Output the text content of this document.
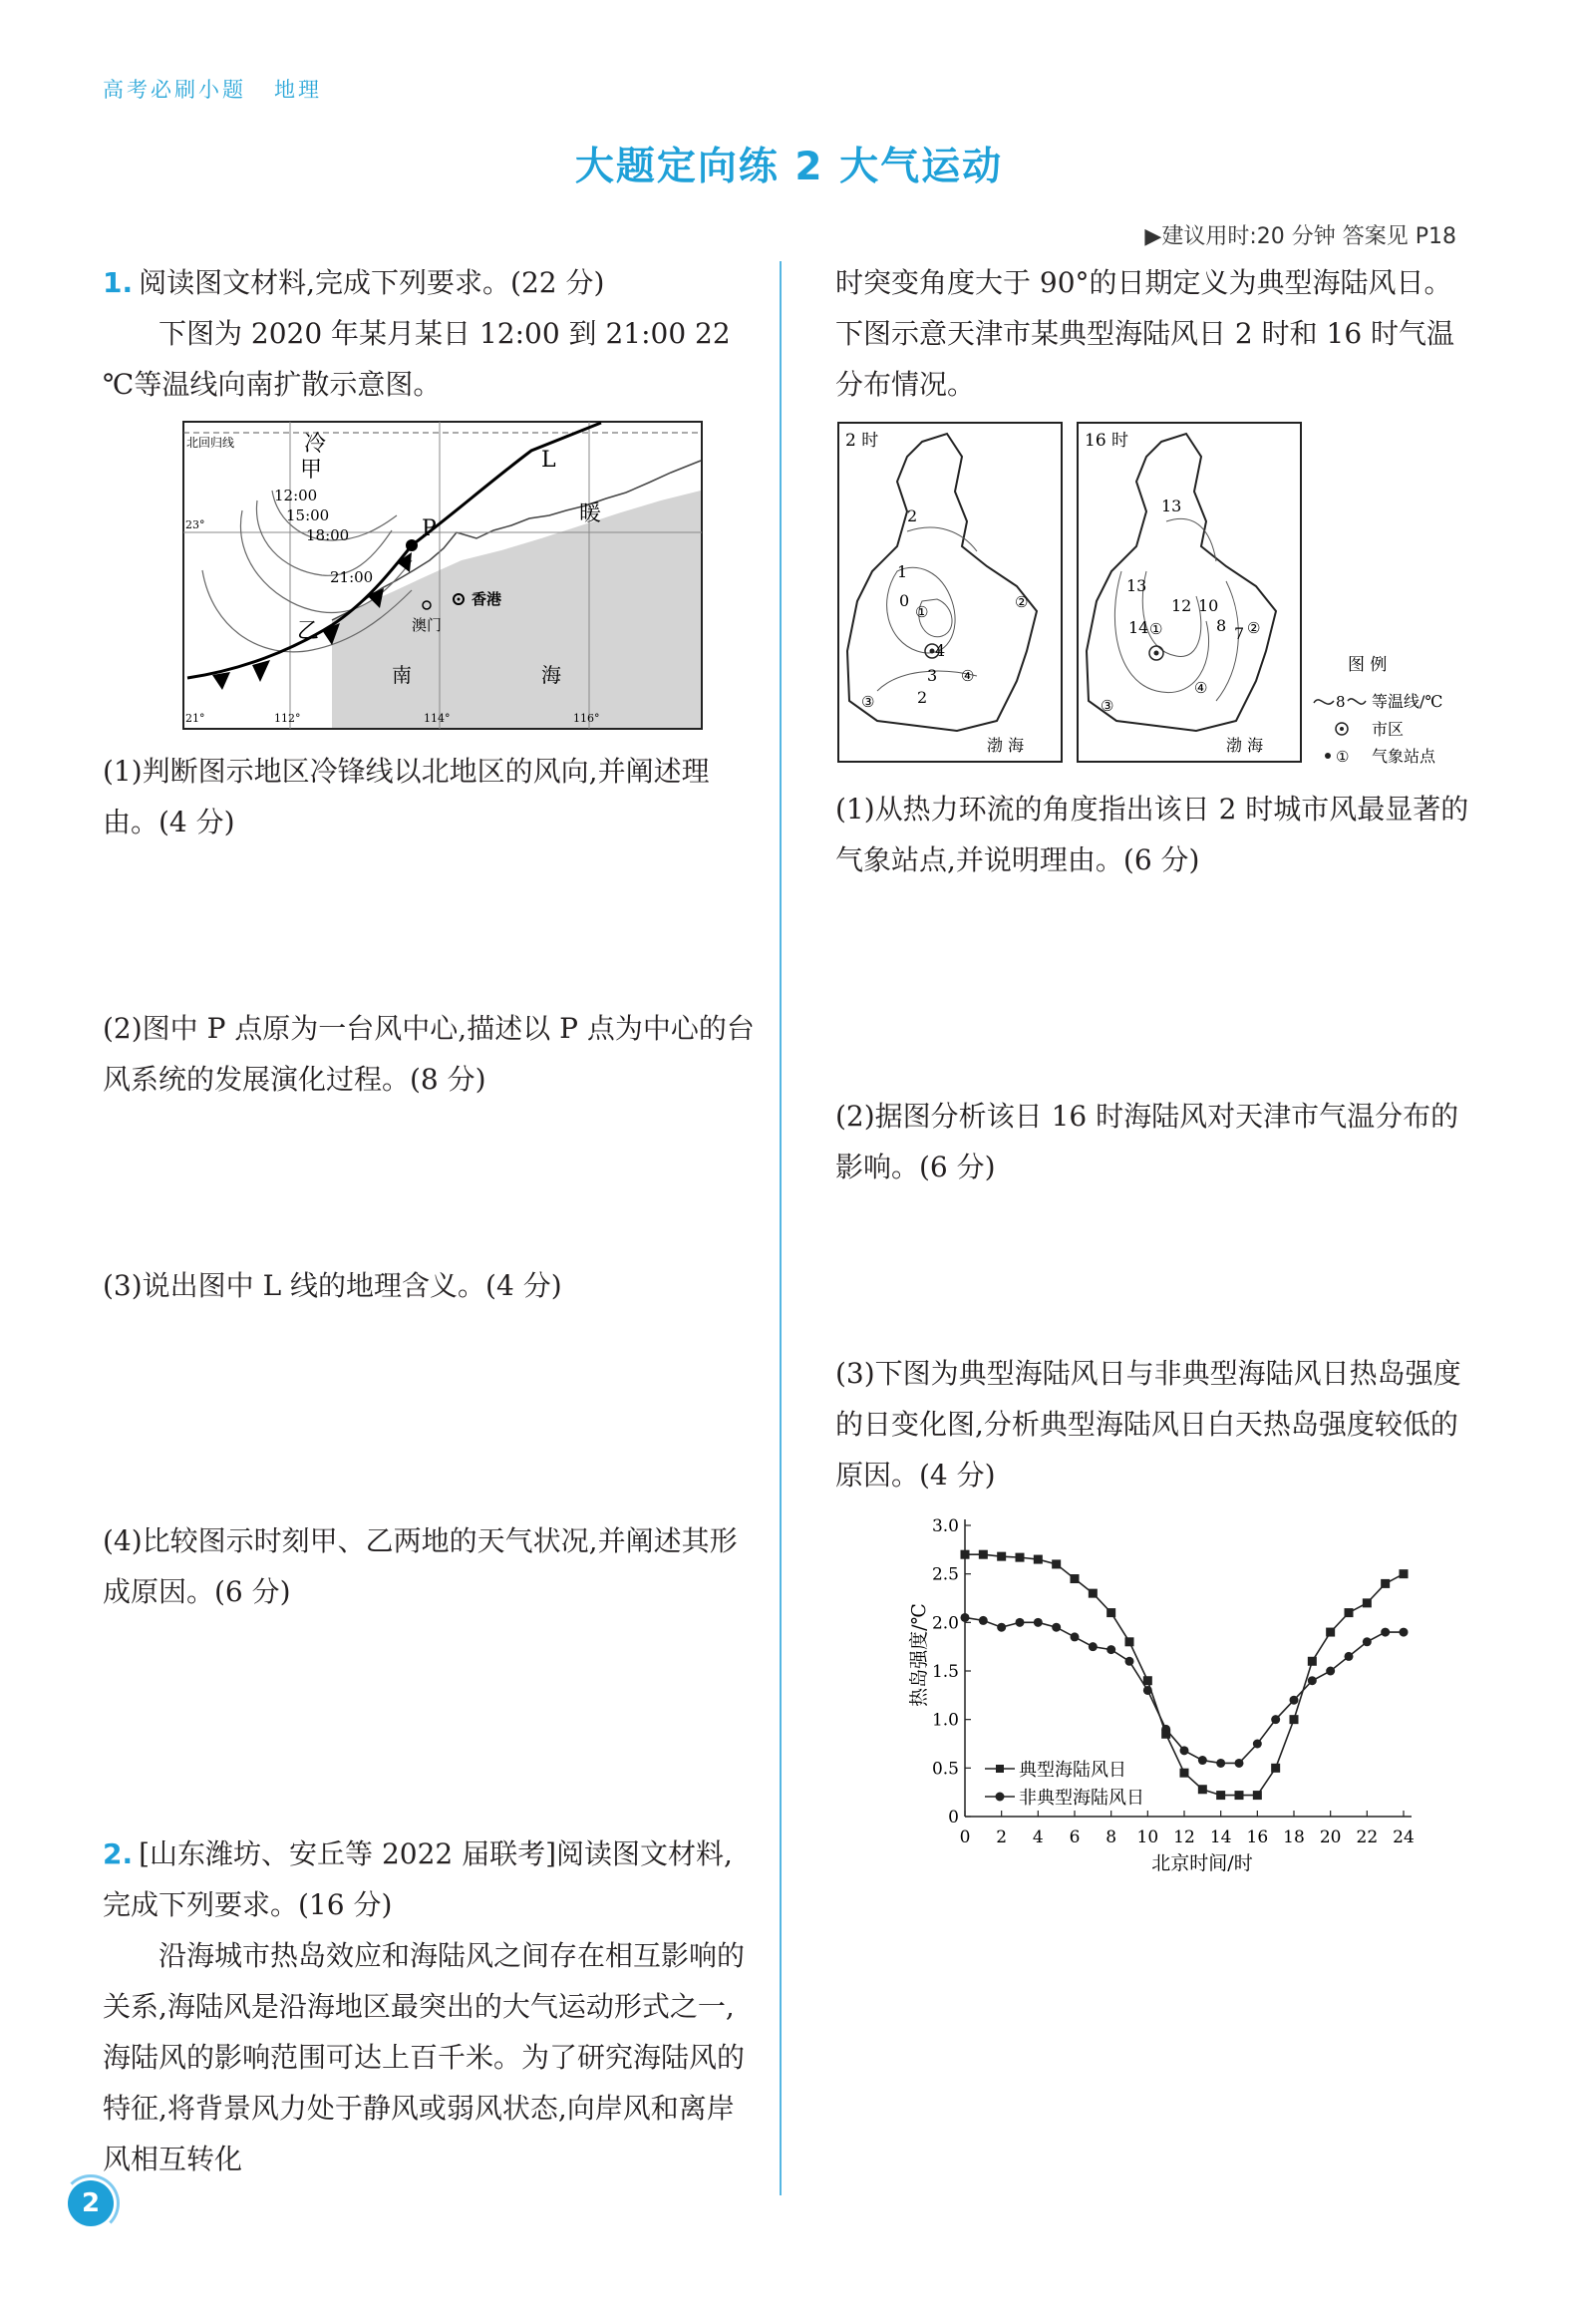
高考必刷小题 地理
大题定向练 2 大气运动
▶建议用时:20 分钟 答案见 P18

1. 阅读图文材料,完成下列要求。(22 分)

下图为 2020 年某月某日 12:00 到 21:00 22 ℃等温线向南扩散示意图。

北回归线	冷
甲
12:00
15:00
18:00
21:00
P
L
暖
香港
澳门
乙
南	海
23°
21°	112°	114°	116°
(1)判断图示地区冷锋线以北地区的风向,并阐述理由。(4 分)
(2)图中 P 点原为一台风中心,描述以 P 点为中心的台风系统的发展演化过程。(8 分)
(3)说出图中 L 线的地理含义。(4 分)
(4)比较图示时刻甲、乙两地的天气状况,并阐述其形成原因。(6 分)

2. [山东潍坊、安丘等 2022 届联考]阅读图文材料,完成下列要求。(16 分)

沿海城市热岛效应和海陆风之间存在相互影响的关系,海陆风是沿海地区最突出的大气运动形式之一,海陆风的影响范围可达上百千米。为了研究海陆风的特征,将背景风力处于静风或弱风状态,向岸风和离岸风相互转化

时突变角度大于 90°的日期定义为典型海陆风日。下图示意天津市某典型海陆风日 2 时和 16 时气温分布情况。
2 时
2
1
0
4
3
2
②
①
④
③
渤 海
16 时
13
13
12 10
8 7
14	②
①
④
③
渤 海
图 例
8 等温线/℃
市区
① 气象站点
(1)从热力环流的角度指出该日 2 时城市风最显著的气象站点,并说明理由。(6 分)
(2)据图分析该日 16 时海陆风对天津市气温分布的影响。(6 分)
(3)下图为典型海陆风日与非典型海陆风日热岛强度的日变化图,分析典型海陆风日白天热岛强度较低的原因。(4 分)
0
0.5
1.0
1.5
2.0
2.5
3.0
0 2 4 6 8 10 12 14 16 18 20 22 24
热岛强度/℃
北京时间/时
典型海陆风日
非典型海陆风日
2
